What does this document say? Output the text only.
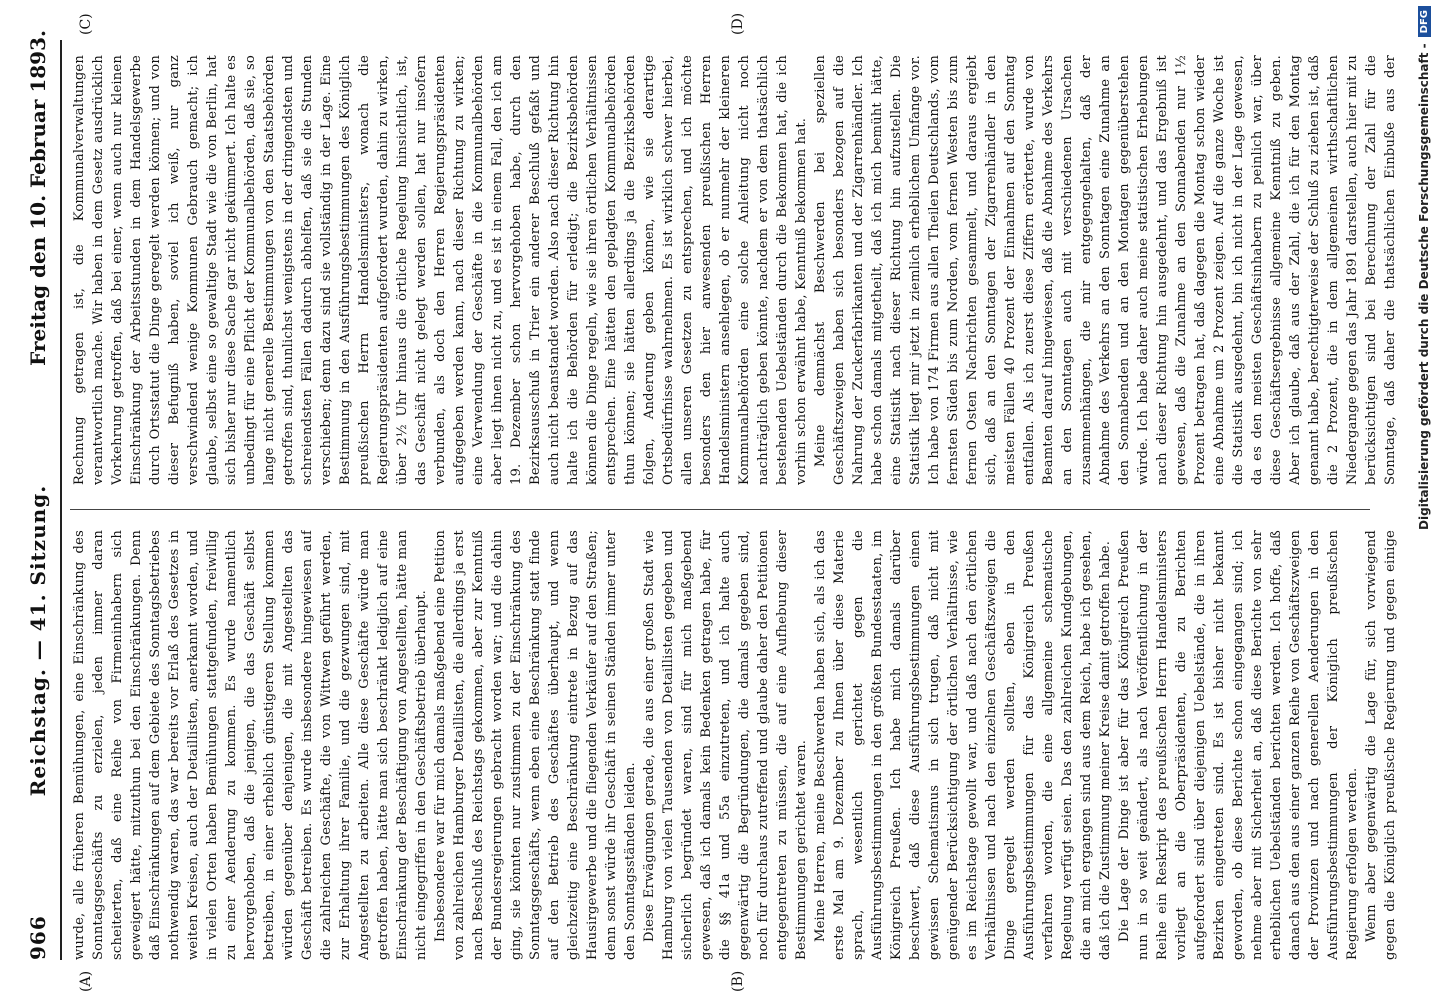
966
Reichstag. — 41. Sitzung.
Freitag den 10. Februar 1893.
(A)	(B)
(C)	(D)

wurde, alle früheren Bemühungen, eine Einschränkung des Sonntagsgeschäfts zu erzielen, jeden immer daran scheiterten, daß eine Reihe von Firmeninhabern sich geweigert hätte, mitzuthun bei den Einschränkungen. Denn daß Einschränkungen auf dem Gebiete des Sonntagsbetriebes nothwendig waren, das war bereits vor Erlaß des Gesetzes in weiten Kreisen, auch der Detaillisten, anerkannt worden, und in vielen Orten haben Bemühungen stattgefunden, freiwillig zu einer Aenderung zu kommen. Es wurde namentlich hervorgehoben, daß die jenigen, die das Geschäft selbst betreiben, in einer erheblich günstigeren Stellung kommen würden gegenüber denjenigen, die mit Angestellten das Geschäft betreiben. Es wurde insbesondere hingewiesen auf die zahlreichen Geschäfte, die von Wittwen geführt werden, zur Erhaltung ihrer Familie, und die gezwungen sind, mit Angestellten zu arbeiten. Alle diese Geschäfte würde man getroffen haben, hätte man sich beschränkt lediglich auf eine Einschränkung der Beschäftigung von Angestellten, hätte man nicht eingegriffen in den Geschäftsbetrieb überhaupt. Insbesondere war für mich damals maßgebend eine Petition von zahlreichen Hamburger Detaillisten, die allerdings ja erst nach Beschluß des Reichstags gekommen, aber zur Kenntniß der Bundesregierungen gebracht worden war; und die dahin ging, sie könnten nur zustimmen zu der Einschränkung des Sonntagsgeschäfts, wenn eben eine Beschränkung statt finde auf den Betrieb des Geschäftes überhaupt, und wenn gleichzeitig eine Beschränkung eintrete in Bezug auf das Hausirgewerbe und die fliegenden Verkäufer auf den Straßen; denn sonst würde ihr Geschäft in seinen Ständen immer unter den Sonntagsständen leiden. Diese Erwägungen gerade, die aus einer großen Stadt wie Hamburg von vielen Tausenden von Detaillisten gegeben und sicherlich begründet waren, sind für mich maßgebend gewesen, daß ich damals kein Bedenken getragen habe, für die §§ 41a und 55a einzutreten, und ich halte auch gegenwärtig die Begründungen, die damals gegeben sind, noch für durchaus zutreffend und glaube daher den Petitionen entgegentreten zu müssen, die auf eine Aufhebung dieser Bestimmungen gerichtet waren. Meine Herren, meine Beschwerden haben sich, als ich das erste Mal am 9. Dezember zu Ihnen über diese Materie sprach, wesentlich gerichtet gegen die Ausführungsbestimmungen in den größten Bundesstaaten, im Königreich Preußen. Ich habe mich damals darüber beschwert, daß diese Ausführungsbestimmungen einen gewissen Schematismus in sich trugen, daß nicht mit genügender Berücksichtigung der örtlichen Verhältnisse, wie es im Reichstage gewollt war, und daß nach den örtlichen Verhältnissen und nach den einzelnen Geschäftszweigen die Dinge geregelt werden sollten, eben in den Ausführungsbestimmungen für das Königreich Preußen verfahren worden, die eine allgemeine schematische Regelung verfügt seien. Das den zahlreichen Kundgebungen, die an mich ergangen sind aus dem Reich, habe ich gesehen, daß ich die Zustimmung meiner Kreise damit getroffen habe. Die Lage der Dinge ist aber für das Königreich Preußen nun in so weit geändert, als nach Veröffentlichung in der Reihe ein Reskript des preußischen Herrn Handelsministers vorliegt an die Oberpräsidenten, die zu Berichten aufgefordert sind über diejenigen Uebelstände, die in ihren Bezirken eingetreten sind. Es ist bisher nicht bekannt geworden, ob diese Berichte schon eingegangen sind; ich nehme aber mit Sicherheit an, daß diese Berichte von sehr erheblichen Uebelständen berichten werden. Ich hoffe, daß danach aus den aus einer ganzen Reihe von Geschäftszweigen der Provinzen und nach generellen Aenderungen in den Ausführungsbestimmungen der Königlich preußischen Regierung erfolgen werden. Wenn aber gegenwärtig die Lage für, sich vorwiegend gegen die Königlich preußische Regierung und gegen einige

Rechnung getragen ist, die Kommunalverwaltungen verantwortlich mache. Wir haben in dem Gesetz ausdrücklich Vorkehrung getroffen, daß bei einer, wenn auch nur kleinen Einschränkung der Arbeitsstunden in dem Handelsgewerbe durch Ortsstatut die Dinge geregelt werden können; und von dieser Befugniß haben, soviel ich weiß, nur ganz verschwindend wenige Kommunen Gebrauch gemacht; ich glaube, selbst eine so gewaltige Stadt wie die von Berlin, hat sich bisher nur diese Sache gar nicht gekümmert. Ich halte es unbedingt für eine Pflicht der Kommunalbehörden, daß sie, so lange nicht generelle Bestimmungen von den Staatsbehörden getroffen sind, thunlichst wenigstens in der dringendsten und schreiendsten Fällen dadurch abhelfen, daß sie die Stunden verschieben; denn dazu sind sie vollständig in der Lage. Eine Bestimmung in den Ausführungsbestimmungen des Königlich preußischen Herrn Handelsministers, wonach die Regierungspräsidenten aufgefordert wurden, dahin zu wirken, über 2½ Uhr hinaus die örtliche Regelung hinsichtlich, ist, das Geschäft nicht gelegt werden sollen, hat nur insofern verbunden, als doch den Herren Regierungspräsidenten aufgegeben werden kann, nach dieser Richtung zu wirken; eine Verwendung der Geschäfte in die Kommunalbehörden aber liegt ihnen nicht zu, und es ist in einem Fall, den ich am 19. Dezember schon hervorgehoben habe, durch den Bezirksausschuß in Trier ein anderer Beschluß gefaßt und auch nicht beanstandet worden. Also nach dieser Richtung hin halte ich die Behörden für erledigt; die Bezirksbehörden können die Dinge regeln, wie sie ihren örtlichen Verhältnissen entsprechen. Eine hätten den geplagten Kommunalbehörden thun können; sie hätten allerdings ja die Bezirksbehörden folgen, Anderung geben können, wie sie derartige Ortsbedürfnisse wahrnehmen. Es ist wirklich schwer hierbei, allen unseren Gesetzen zu entsprechen, und ich möchte besonders den hier anwesenden preußischen Herren Handelsministern ansehlegen, ob er nunmehr der kleineren Kommunalbehörden eine solche Anleitung nicht noch nachträglich geben könnte, nachdem er von dem thatsächlich bestehenden Uebelständen durch die Bekommen hat, die ich vorhin schon erwähnt habe, Kenntniß bekommen hat. Meine demnächst Beschwerden bei speziellen Geschäftszweigen haben sich besonders bezogen auf die Nahrung der Zuckerfabrikanten und der Zigarrenhändler. Ich habe schon damals mitgetheilt, daß ich mich bemüht hätte, eine Statistik nach dieser Richtung hin aufzustellen. Die Statistik liegt mir jetzt in ziemlich erheblichem Umfange vor. Ich habe von 174 Firmen aus allen Theilen Deutschlands, vom fernsten Süden bis zum Norden, vom fernen Westen bis zum fernen Osten Nachrichten gesammelt, und daraus ergiebt sich, daß an den Sonntagen der Zigarrenhändler in den meisten Fällen 40 Prozent der Einnahmen auf den Sonntag entfallen. Als ich zuerst diese Ziffern erörterte, wurde von Beamten darauf hingewiesen, daß die Abnahme des Verkehrs an den Sonntagen auch mit verschiedenen Ursachen zusammenhängen, die mir entgegengehalten, daß der Abnahme des Verkehrs an den Sonntagen eine Zunahme an den Sonnabenden und an den Montagen gegenüberstehen würde. Ich habe daher auch meine statistischen Erhebungen nach dieser Richtung hin ausgedehnt, und das Ergebniß ist gewesen, daß die Zunahme an den Sonnabenden nur 1½ Prozent betragen hat, daß dagegen die Montag schon wieder eine Abnahme um 2 Prozent zeigen. Auf die ganze Woche ist die Statistik ausgedehnt, bin ich nicht in der Lage gewesen, da es den meisten Geschäftsinhabern zu peinlich war, über diese Geschäftsergebnisse allgemeine Kenntniß zu geben. Aber ich glaube, daß aus der Zahl, die ich für den Montag genannt habe, berechtigterweise der Schluß zu ziehen ist, daß die 2 Prozent, die in dem allgemeinen wirthschaftlichen Niedergange gegen das Jahr 1891 darstellen, auch hier mit zu berücksichtigen sind bei Berechnung der Zahl für die Sonntage, daß daher die thatsächlichen Einbuße aus der	Digitalisierung gefördert durch die Deutsche Forschungsgemeinschaft -
DFG
